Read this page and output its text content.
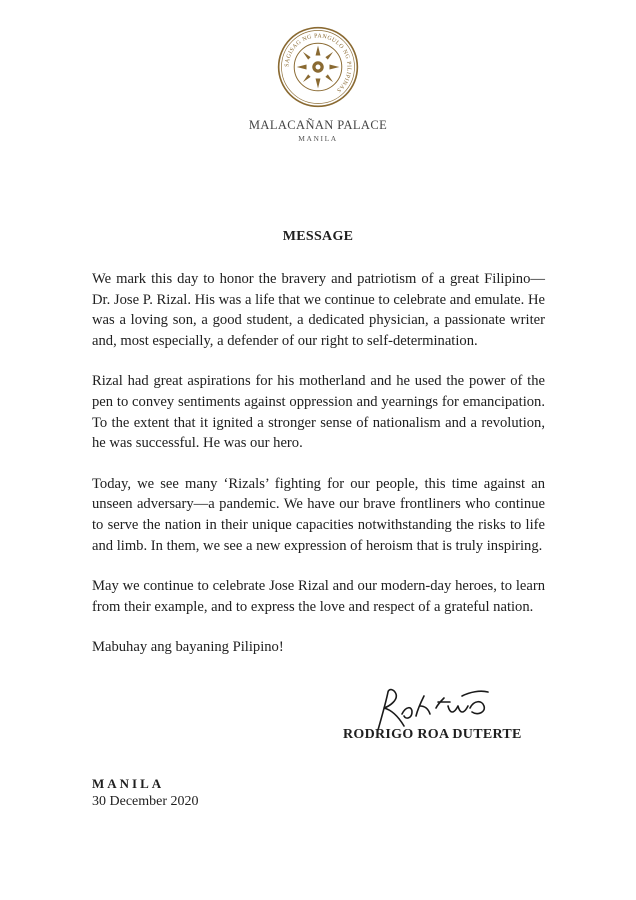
SAGISAG NG PANGULO NG PILIPINAS
MALACAÑAN PALACE
MANILA
MESSAGE

We mark this day to honor the bravery and patriotism of a great Filipino—Dr. Jose P. Rizal. His was a life that we continue to celebrate and emulate. He was a loving son, a good student, a dedicated physician, a passionate writer and, most especially, a defender of our right to self-determination.

Rizal had great aspirations for his motherland and he used the power of the pen to convey sentiments against oppression and yearnings for emancipation. To the extent that it ignited a stronger sense of nationalism and a revolution, he was successful. He was our hero.

Today, we see many ‘Rizals’ fighting for our people, this time against an unseen adversary—a pandemic. We have our brave frontliners who continue to serve the nation in their unique capacities notwithstanding the risks to life and limb. In them, we see a new expression of heroism that is truly inspiring.

May we continue to celebrate Jose Rizal and our modern-day heroes, to learn from their example, and to express the love and respect of a grateful nation.

Mabuhay ang bayaning Pilipino!

RODRIGO ROA DUTERTE
MANILA
30 December 2020
